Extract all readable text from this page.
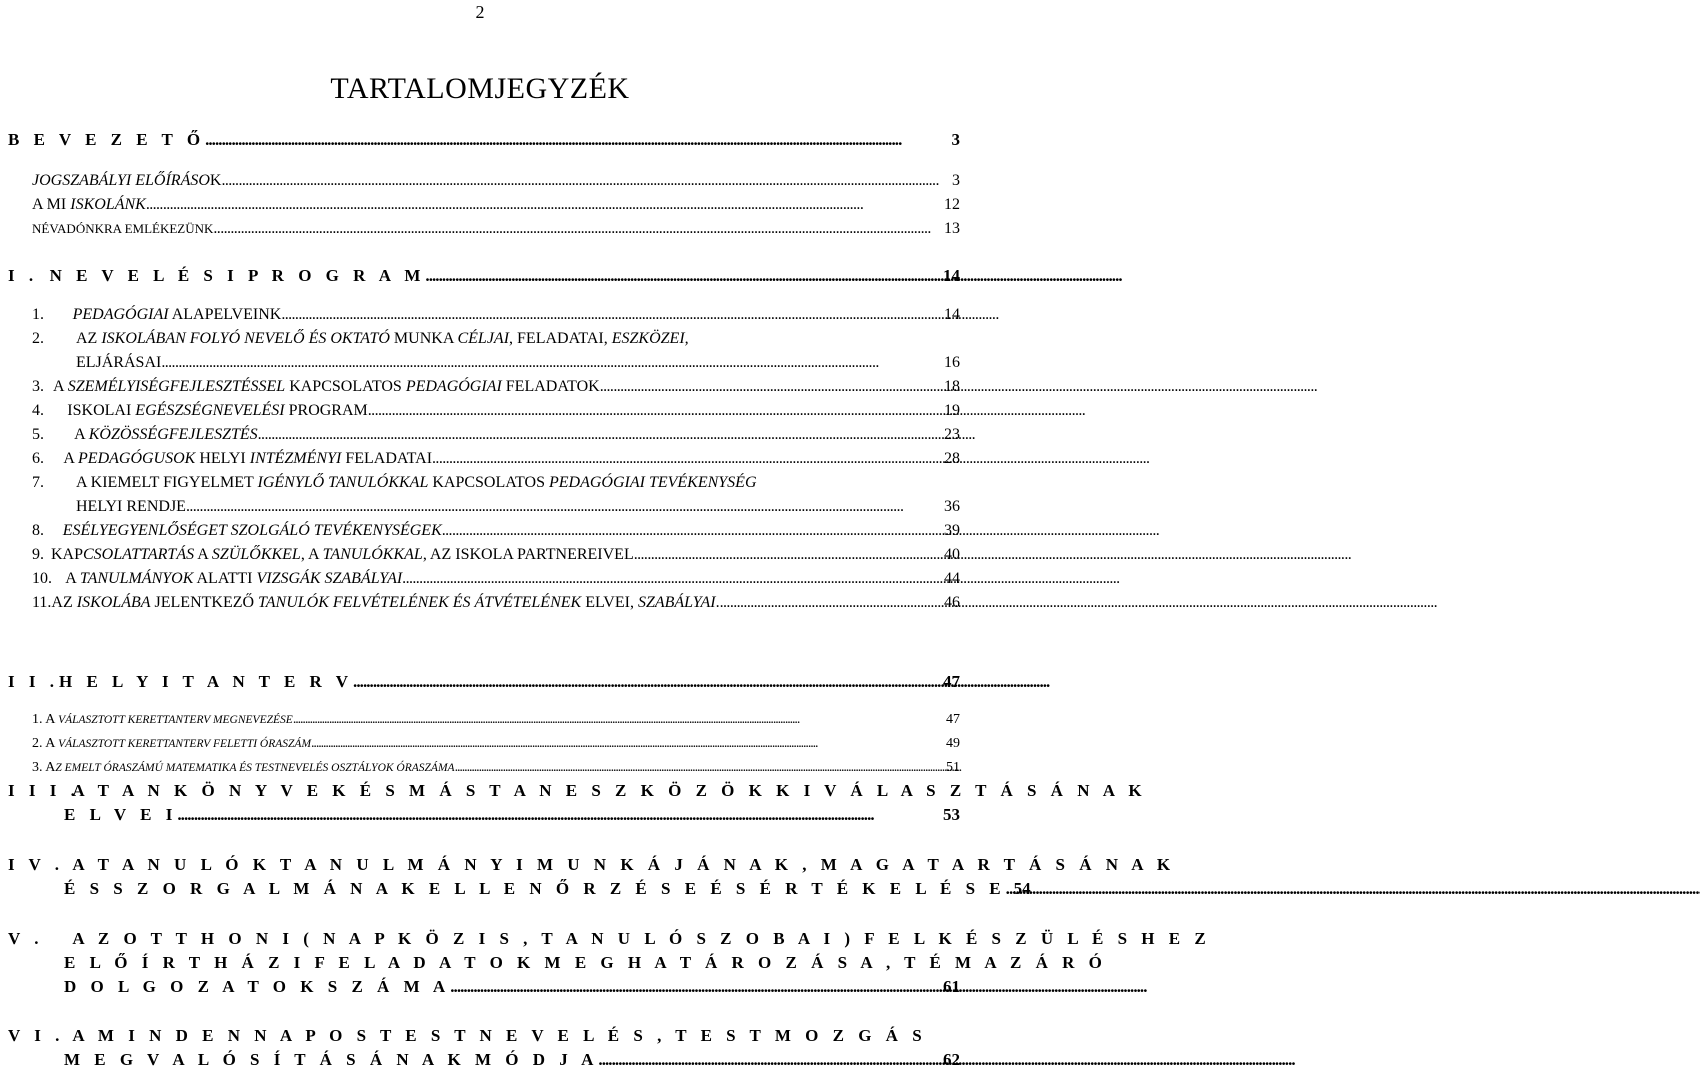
2
TARTALOMJEGYZÉK
B E V E Z E T Ő . . .	3
JOGSZABÁLYI ELŐÍRÁSOK . . .	3
A MI ISKOLÁNK . . .	12
NÉVADÓNKRA EMLÉKEZÜNK . . .	13
I . N E V E L É S I P R O G R A M . . .	14
1.	PEDAGÓGIAI ALAPELVEINK . . .	14
2. AZ ISKOLÁBAN FOLYÓ NEVELŐ ÉS OKTATÓ MUNKA CÉLJAI, FELADATAI, ESZKÖZEI,
ELJÁRÁSAI . . .	16
3. A SZEMÉLYISÉGFEJLESZTÉSSEL KAPCSOLATOS PEDAGÓGIAI FELADATOK . . .	18
4.	ISKOLAI EGÉSZSÉGNEVELÉSI PROGRAM . . .	19
5.	A KÖZÖSSÉGFEJLESZTÉS . . .	23
6.	A PEDAGÓGUSOK HELYI INTÉZMÉNYI FELADATAI . . .	28
7. A KIEMELT FIGYELMET IGÉNYLŐ TANULÓKKAL KAPCSOLATOS PEDAGÓGIAI TEVÉKENYSÉG
HELYI RENDJE . . .	36
8.	ESÉLYEGYENLŐSÉGET SZOLGÁLÓ TEVÉKENYSÉGEK . . .	39
9. KAPCSOLATTARTÁS A SZÜLŐKKEL, A TANULÓKKAL, AZ ISKOLA PARTNEREIVEL . . .	40
10. A TANULMÁNYOK ALATTI VIZSGÁK SZABÁLYAI . . .	44
11. AZ ISKOLÁBA JELENTKEZŐ TANULÓK FELVÉTELÉNEK ÉS ÁTVÉTELÉNEK ELVEI, SZABÁLYAI. . . .	46
I I . H E L Y I T A N T E R V . . .	47
1. A VÁLASZTOTT KERETTANTERV MEGNEVEZÉSE . . .	47
2. A VÁLASZTOTT KERETTANTERV FELETTI ÓRASZÁM . . .	49
3. AZ EMELT ÓRASZÁMÚ MATEMATIKA ÉS TESTNEVELÉS OSZTÁLYOK ÓRASZÁMA . . .	51
I I I . A T A N K Ö N Y V E K É S M Á S T A N E S Z K Ö Z Ö K K I V Á L A S Z T Á S Á N A K
E L V E I . . .	53
I V . A T A N U L Ó K T A N U L M Á N Y I M U N K Á J Á N A K , M A G A T A R T Á S Á N A K
É S S Z O R G A L M Á N A K E L L E N Ő R Z É S E É S É R T É K E L É S E . . . 54
V . A Z O T T H O N I ( N A P K Ö Z I S , T A N U L Ó S Z O B A I ) F E L K É S Z Ü L É S H E Z
E L Ő Í R T H Á Z I F E L A D A T O K M E G H A T Á R O Z Á S A , T É M A Z Á R Ó
D O L G O Z A T O K S Z Á M A . . .	61
V I . A M I N D E N N A P O S T E S T N E V E L É S , T E S T M O Z G Á S
M E G V A L Ó S Í T Á S Á N A K M Ó D J A . . .	62
